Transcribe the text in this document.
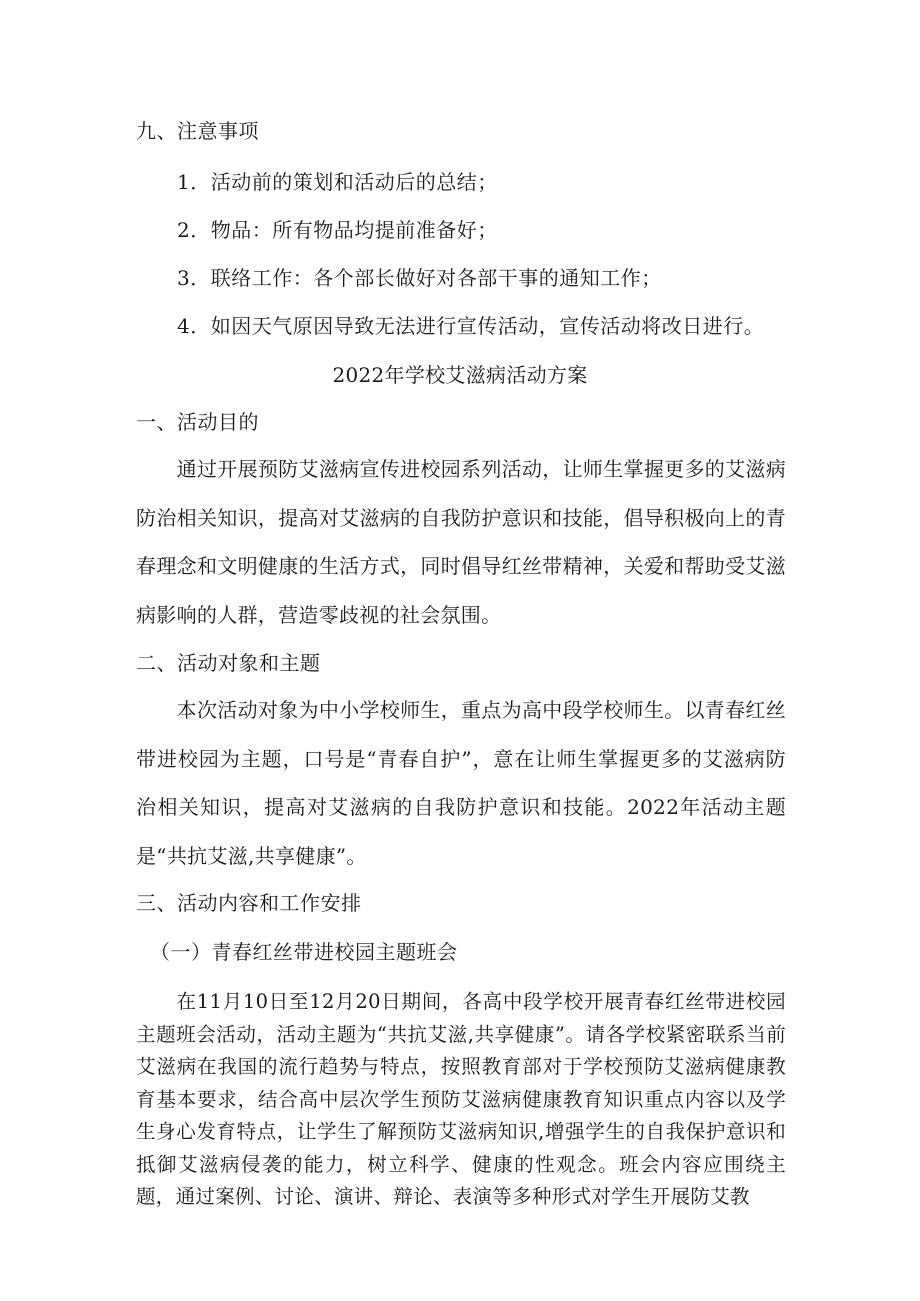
九、注意事项
1．活动前的策划和活动后的总结；
2．物品：所有物品均提前准备好；
3．联络工作：各个部长做好对各部干事的通知工作；
4．如因天气原因导致无法进行宣传活动，宣传活动将改日进行。
2022年学校艾滋病活动方案
一、活动目的
　　通过开展预防艾滋病宣传进校园系列活动，让师生掌握更多的艾滋病防治相关知识，提高对艾滋病的自我防护意识和技能，倡导积极向上的青春理念和文明健康的生活方式，同时倡导红丝带精神，关爱和帮助受艾滋病影响的人群，营造零歧视的社会氛围。
二、活动对象和主题
　　本次活动对象为中小学校师生，重点为高中段学校师生。以青春红丝带进校园为主题，口号是“青春自护”，意在让师生掌握更多的艾滋病防治相关知识，提高对艾滋病的自我防护意识和技能。2022年活动主题是“共抗艾滋,共享健康”。
三、活动内容和工作安排
（一）青春红丝带进校园主题班会
　　在11月10日至12月20日期间，各高中段学校开展青春红丝带进校园主题班会活动，活动主题为“共抗艾滋,共享健康”。请各学校紧密联系当前艾滋病在我国的流行趋势与特点，按照教育部对于学校预防艾滋病健康教育基本要求，结合高中层次学生预防艾滋病健康教育知识重点内容以及学生身心发育特点，让学生了解预防艾滋病知识,增强学生的自我保护意识和抵御艾滋病侵袭的能力，树立科学、健康的性观念。班会内容应围绕主题，通过案例、讨论、演讲、辩论、表演等多种形式对学生开展防艾教
